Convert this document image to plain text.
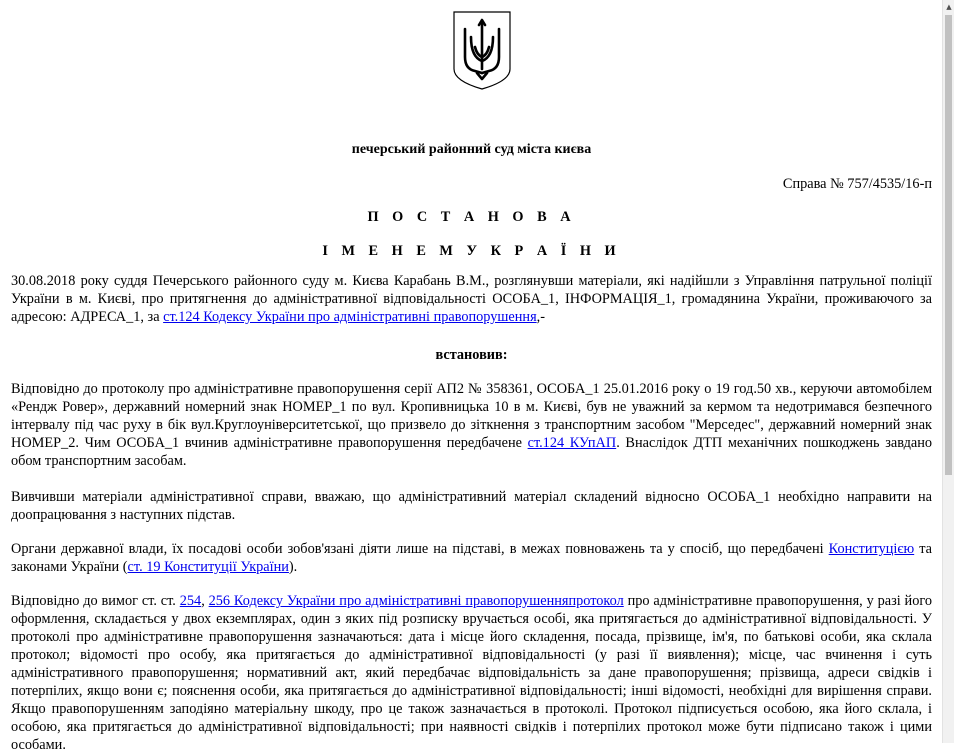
печерський районний суд міста києва
Справа № 757/4535/16-п
П О С Т А Н О В А
І М Е Н Е М У К Р А Ї Н И

30.08.2018 року суддя Печерського районного суду м. Києва Карабань В.М., розглянувши матеріали, які надійшли з Управління патрульної поліції України в м. Києві, про притягнення до адміністративної відповідальності ОСОБА_1, ІНФОРМАЦІЯ_1, громадянина України, проживаючого за адресою: АДРЕСА_1, за ст.124 Кодексу України про адміністративні правопорушення,-

встановив:

Відповідно до протоколу про адміністративне правопорушення серії АП2 № 358361, ОСОБА_1 25.01.2016 року о 19 год.50 хв., керуючи автомобілем «Рендж Ровер», державний номерний знак НОМЕР_1 по вул. Кропивницька 10 в м. Києві, був не уважний за кермом та недотримався безпечного інтервалу під час руху в бік вул.Круглоуніверситетської, що призвело до зіткнення з транспортним засобом "Мерседес", державний номерний знак НОМЕР_2. Чим ОСОБА_1 вчинив адміністративне правопорушення передбачене ст.124 КУпАП. Внаслідок ДТП механічних пошкоджень завдано обом транспортним засобам.

Вивчивши матеріали адміністративної справи, вважаю, що адміністративний матеріал складений відносно ОСОБА_1 необхідно направити на доопрацювання з наступних підстав.

Органи державної влади, їх посадові особи зобов'язані діяти лише на підставі, в межах повноважень та у спосіб, що передбачені Конституцією та законами України (ст. 19 Конституції України).

Відповідно до вимог ст. ст. 254, 256 Кодексу України про адміністративні правопорушенняпротокол про адміністративне правопорушення, у разі його оформлення, складається у двох екземплярах, один з яких під розписку вручається особі, яка притягається до адміністративної відповідальності. У протоколі про адміністративне правопорушення зазначаються: дата і місце його складення, посада, прізвище, ім'я, по батькові особи, яка склала протокол; відомості про особу, яка притягається до адміністративної відповідальності (у разі її виявлення); місце, час вчинення і суть адміністративного правопорушення; нормативний акт, який передбачає відповідальність за дане правопорушення; прізвища, адреси свідків і потерпілих, якщо вони є; пояснення особи, яка притягається до адміністративної відповідальності; інші відомості, необхідні для вирішення справи. Якщо правопорушенням заподіяно матеріальну шкоду, про це також зазначається в протоколі. Протокол підписується особою, яка його склала, і особою, яка притягається до адміністративної відповідальності; при наявності свідків і потерпілих протокол може бути підписано також і цими особами.

▲
